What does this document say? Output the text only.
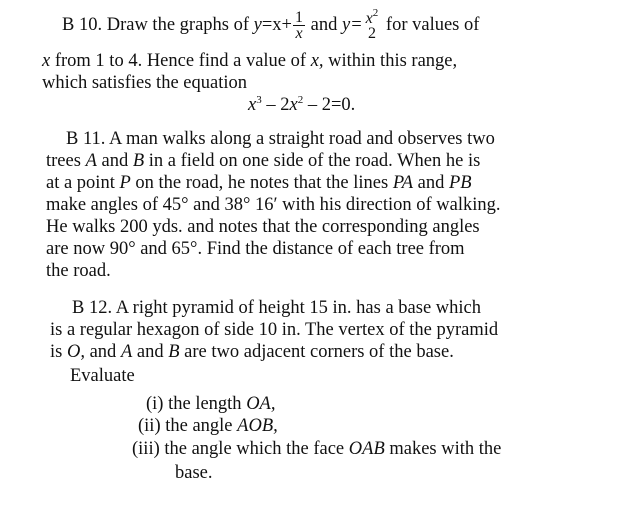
B 10. Draw the graphs of $y=x+ \frac{1}{x}$ and $y= x^2$
2 for values of
x from 1 to 4. Hence find a value of x, within this range,
which satisfies the equation
$x^3 - 2x^2 - 2=0$.
B 11. A man walks along a straight road and observes two
trees A and B in a field on one side of the road. When he is
at a point P on the road, he notes that the lines PA and PB
make angles of 45° and 38° 16′ with his direction of walking.
He walks 200 yds. and notes that the corresponding angles
are now 90° and 65°. Find the distance of each tree from
the road.
B 12. A right pyramid of height 15 in. has a base which
is a regular hexagon of side 10 in. The vertex of the pyramid
is O, and A and B are two adjacent corners of the base.
Evaluate
(i) the length OA,
(ii) the angle AOB,
(iii) the angle which the face OAB makes with the
base.
